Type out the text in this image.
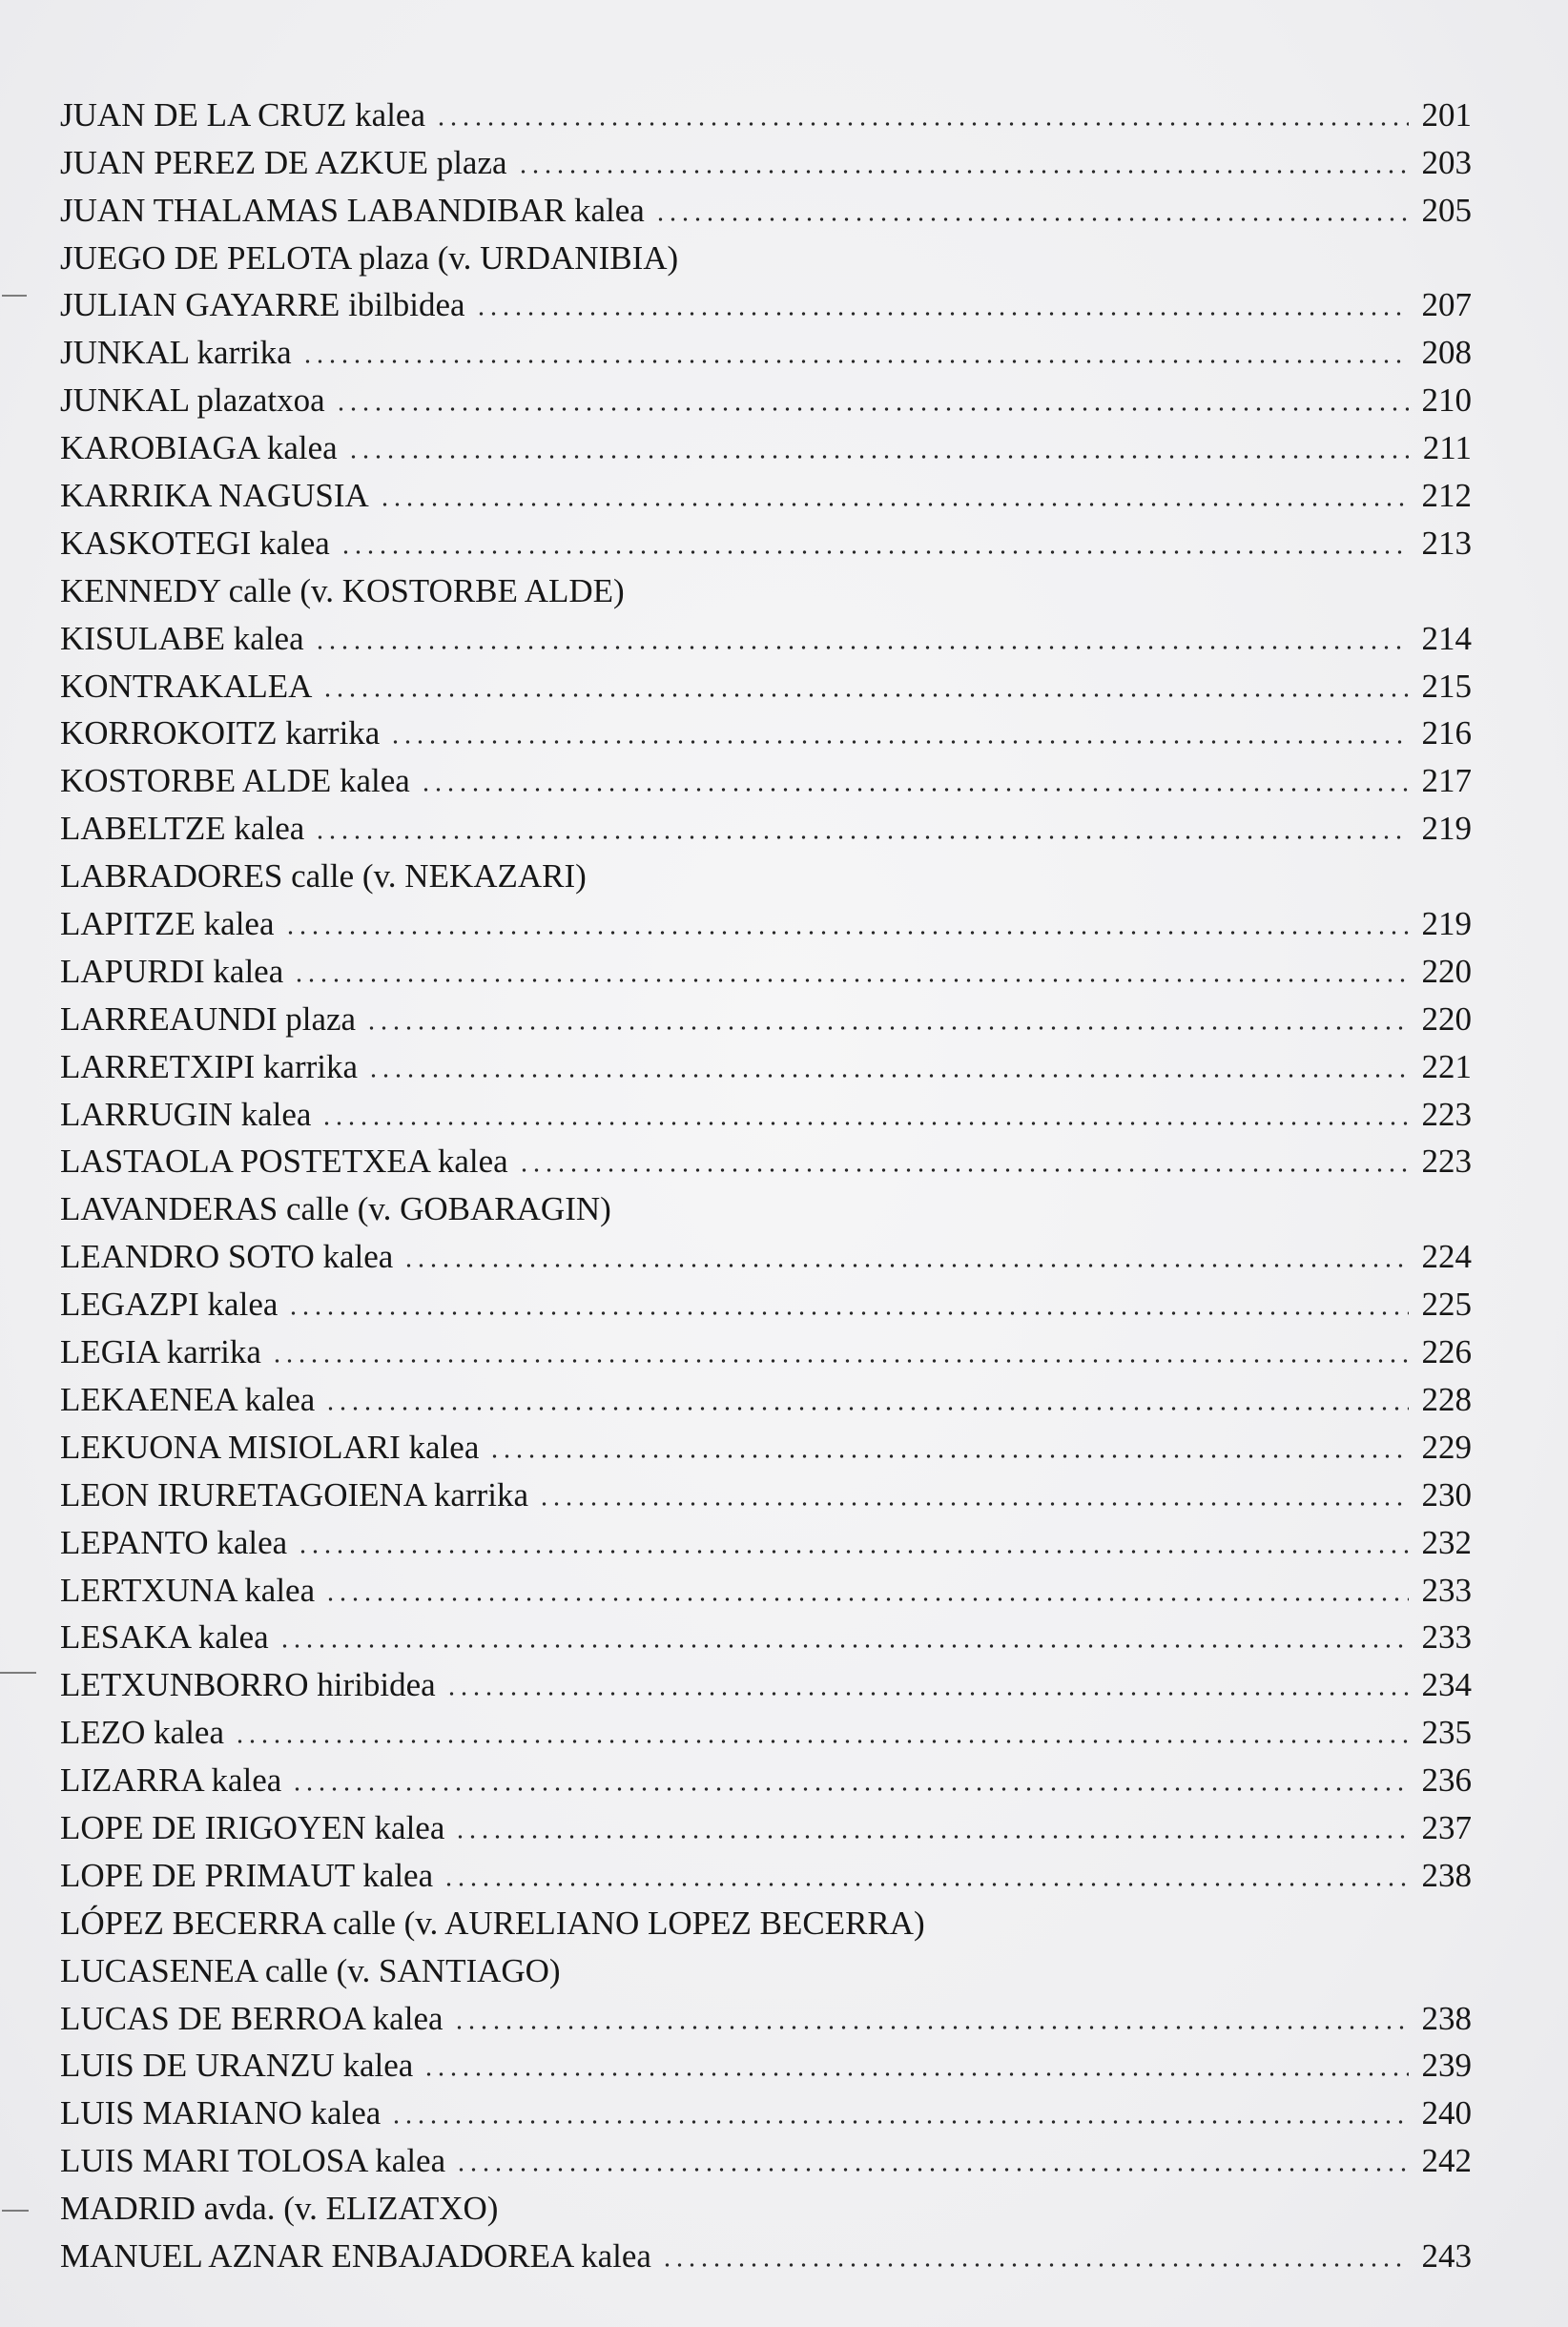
JUAN DE LA CRUZ kalea	201
JUAN PEREZ DE AZKUE plaza	203
JUAN THALAMAS LABANDIBAR kalea	205
JUEGO DE PELOTA plaza (v. URDANIBIA)
JULIAN GAYARRE ibilbidea	207
JUNKAL karrika	208
JUNKAL plazatxoa	210
KAROBIAGA kalea	211
KARRIKA NAGUSIA	212
KASKOTEGI kalea	213
KENNEDY calle (v. KOSTORBE ALDE)
KISULABE kalea	214
KONTRAKALEA	215
KORROKOITZ karrika	216
KOSTORBE ALDE kalea	217
LABELTZE kalea	219
LABRADORES calle (v. NEKAZARI)
LAPITZE kalea	219
LAPURDI kalea	220
LARREAUNDI plaza	220
LARRETXIPI karrika	221
LARRUGIN kalea	223
LASTAOLA POSTETXEA kalea	223
LAVANDERAS calle (v. GOBARAGIN)
LEANDRO SOTO kalea	224
LEGAZPI kalea	225
LEGIA karrika	226
LEKAENEA kalea	228
LEKUONA MISIOLARI kalea	229
LEON IRURETAGOIENA karrika	230
LEPANTO kalea	232
LERTXUNA kalea	233
LESAKA kalea	233
LETXUNBORRO hiribidea	234
LEZO kalea	235
LIZARRA kalea	236
LOPE DE IRIGOYEN kalea	237
LOPE DE PRIMAUT kalea	238
LÓPEZ BECERRA calle (v. AURELIANO LOPEZ BECERRA)
LUCASENEA calle (v. SANTIAGO)
LUCAS DE BERROA kalea	238
LUIS DE URANZU kalea	239
LUIS MARIANO kalea	240
LUIS MARI TOLOSA kalea	242
MADRID avda. (v. ELIZATXO)
MANUEL AZNAR ENBAJADOREA kalea	243
